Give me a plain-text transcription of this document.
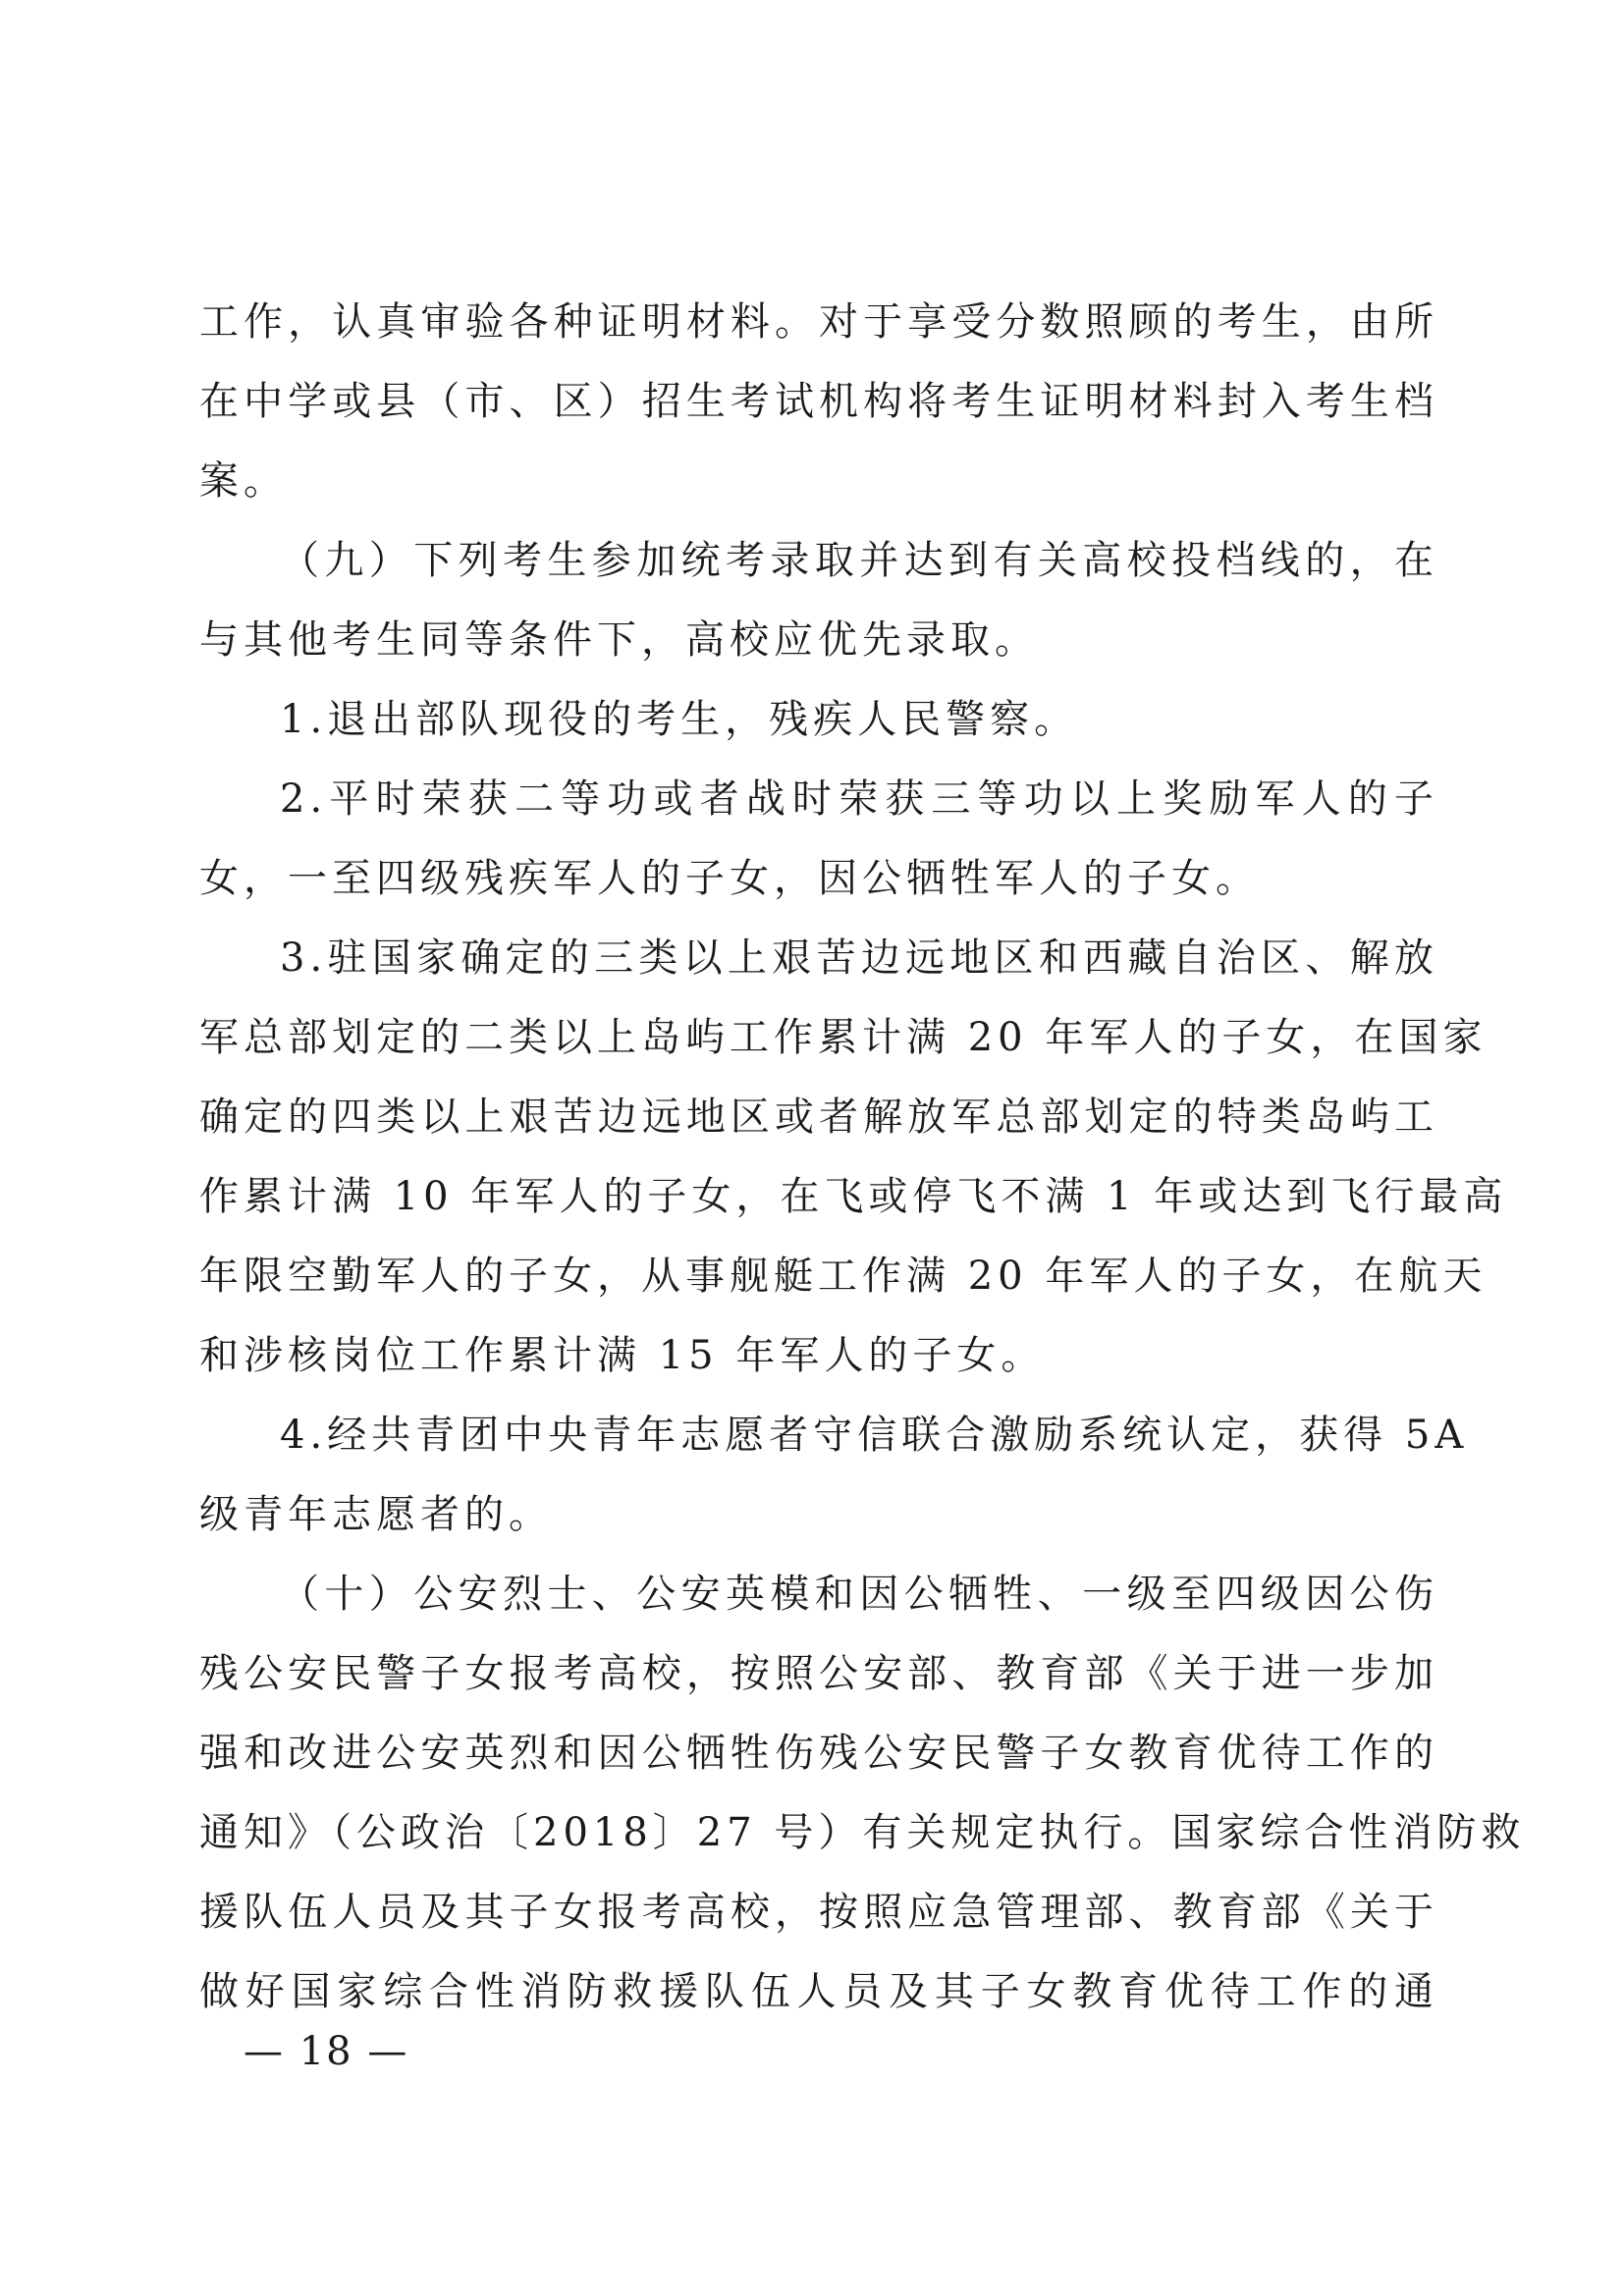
工作，认真审验各种证明材料。对于享受分数照顾的考生，由所
在中学或县（市、区）招生考试机构将考生证明材料封入考生档
案。
（九）下列考生参加统考录取并达到有关高校投档线的，在
与其他考生同等条件下，高校应优先录取。
1.退出部队现役的考生，残疾人民警察。
2.平时荣获二等功或者战时荣获三等功以上奖励军人的子
女，一至四级残疾军人的子女，因公牺牲军人的子女。
3.驻国家确定的三类以上艰苦边远地区和西藏自治区、解放
军总部划定的二类以上岛屿工作累计满 20 年军人的子女，在国家
确定的四类以上艰苦边远地区或者解放军总部划定的特类岛屿工
作累计满 10 年军人的子女，在飞或停飞不满 1 年或达到飞行最高
年限空勤军人的子女，从事舰艇工作满 20 年军人的子女，在航天
和涉核岗位工作累计满 15 年军人的子女。
4.经共青团中央青年志愿者守信联合激励系统认定，获得 5A
级青年志愿者的。
（十）公安烈士、公安英模和因公牺牲、一级至四级因公伤
残公安民警子女报考高校，按照公安部、教育部《关于进一步加
强和改进公安英烈和因公牺牲伤残公安民警子女教育优待工作的
通知》（公政治〔2018〕27 号）有关规定执行。国家综合性消防救
援队伍人员及其子女报考高校，按照应急管理部、教育部《关于
做好国家综合性消防救援队伍人员及其子女教育优待工作的通
— 18 —
